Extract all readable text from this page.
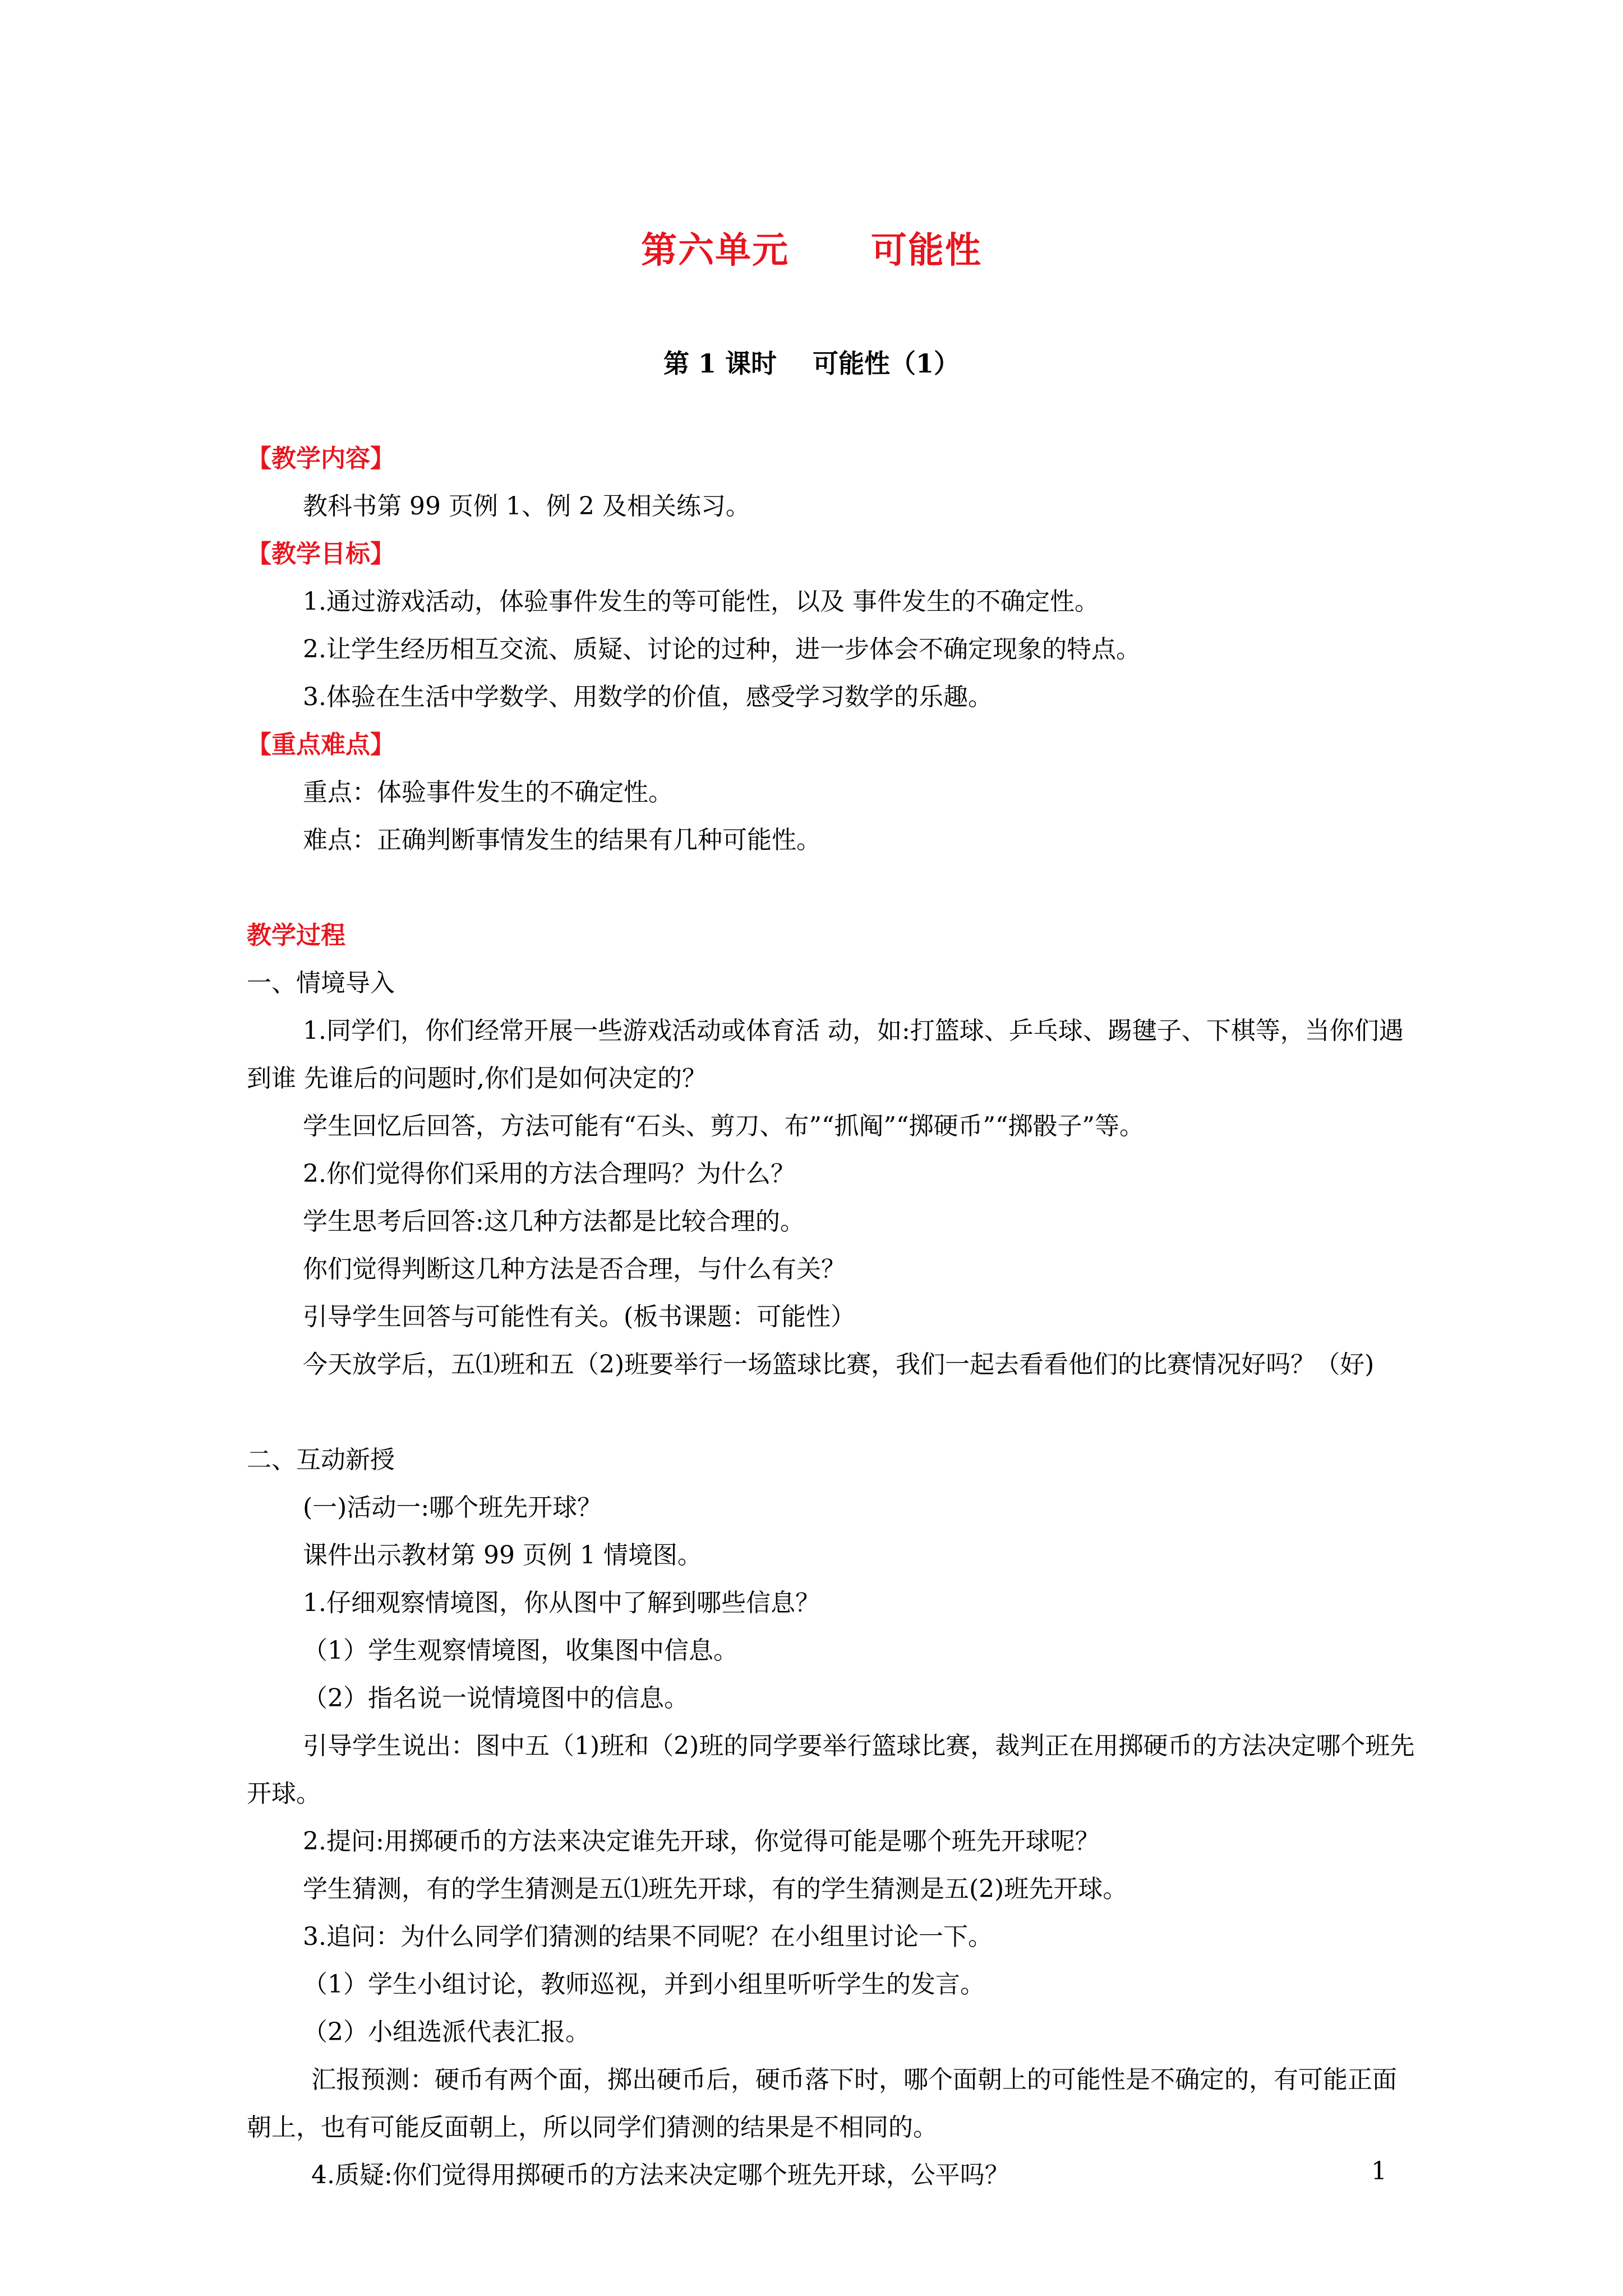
第六单元      可能性
第 1 课时    可能性（1）

【教学内容】

教科书第 99 页例 1、例 2 及相关练习。

【教学目标】

1.通过游戏活动，体验事件发生的等可能性，以及 事件发生的不确定性。

2.让学生经历相互交流、质疑、讨论的过种，进一步体会不确定现象的特点。

3.体验在生活中学数学、用数学的价值，感受学习数学的乐趣。

【重点难点】

重点：体验事件发生的不确定性。

难点：正确判断事情发生的结果有几种可能性。

教学过程

一、情境导入

1.同学们，你们经常开展一些游戏活动或体育活 动，如:打篮球、乒乓球、踢毽子、下棋等，当你们遇到谁 先谁后的问题时,你们是如何决定的？

学生回忆后回答，方法可能有“石头、剪刀、布”“抓阄”“掷硬币”“掷骰子”等。

2.你们觉得你们采用的方法合理吗？为什么？

学生思考后回答:这几种方法都是比较合理的。

你们觉得判断这几种方法是否合理，与什么有关？

引导学生回答与可能性有关。(板书课题：可能性）

今天放学后，五⑴班和五（2)班要举行一场篮球比赛，我们一起去看看他们的比赛情况好吗？（好)

二、互动新授

(一)活动一:哪个班先开球？

课件出示教材第 99 页例 1 情境图。

1.仔细观察情境图，你从图中了解到哪些信息？

（1）学生观察情境图，收集图中信息。

（2）指名说一说情境图中的信息。

引导学生说出：图中五（1)班和（2)班的同学要举行篮球比赛，裁判正在用掷硬币的方法决定哪个班先开球。

2.提问:用掷硬币的方法来决定谁先开球，你觉得可能是哪个班先开球呢？

学生猜测，有的学生猜测是五⑴班先开球，有的学生猜测是五(2)班先开球。

3.追问：为什么同学们猜测的结果不同呢？在小组里讨论一下。

（1）学生小组讨论，教师巡视，并到小组里听听学生的发言。

（2）小组选派代表汇报。

汇报预测：硬币有两个面，掷出硬币后，硬币落下时，哪个面朝上的可能性是不确定的，有可能正面朝上，也有可能反面朝上，所以同学们猜测的结果是不相同的。

4.质疑:你们觉得用掷硬币的方法来决定哪个班先开球，公平吗？	1
